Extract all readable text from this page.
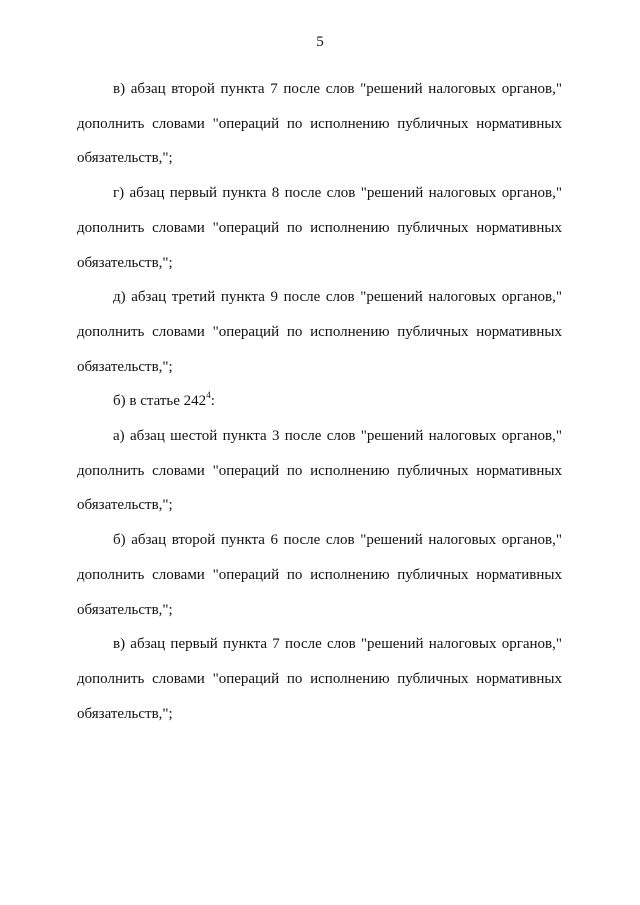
5

в) абзац второй пункта 7 после слов "решений налоговых органов,"
дополнить словами "операций по исполнению публичных нормативных
обязательств,";

г) абзац первый пункта 8 после слов "решений налоговых органов,"
дополнить словами "операций по исполнению публичных нормативных
обязательств,";

д) абзац третий пункта 9 после слов "решений налоговых органов,"
дополнить словами "операций по исполнению публичных нормативных
обязательств,";

б) в статье $242^4$:

а) абзац шестой пункта 3 после слов "решений налоговых органов,"
дополнить словами "операций по исполнению публичных нормативных
обязательств,";

б) абзац второй пункта 6 после слов "решений налоговых органов,"
дополнить словами "операций по исполнению публичных нормативных
обязательств,";

в) абзац первый пункта 7 после слов "решений налоговых органов,"
дополнить словами "операций по исполнению публичных нормативных
обязательств,";
